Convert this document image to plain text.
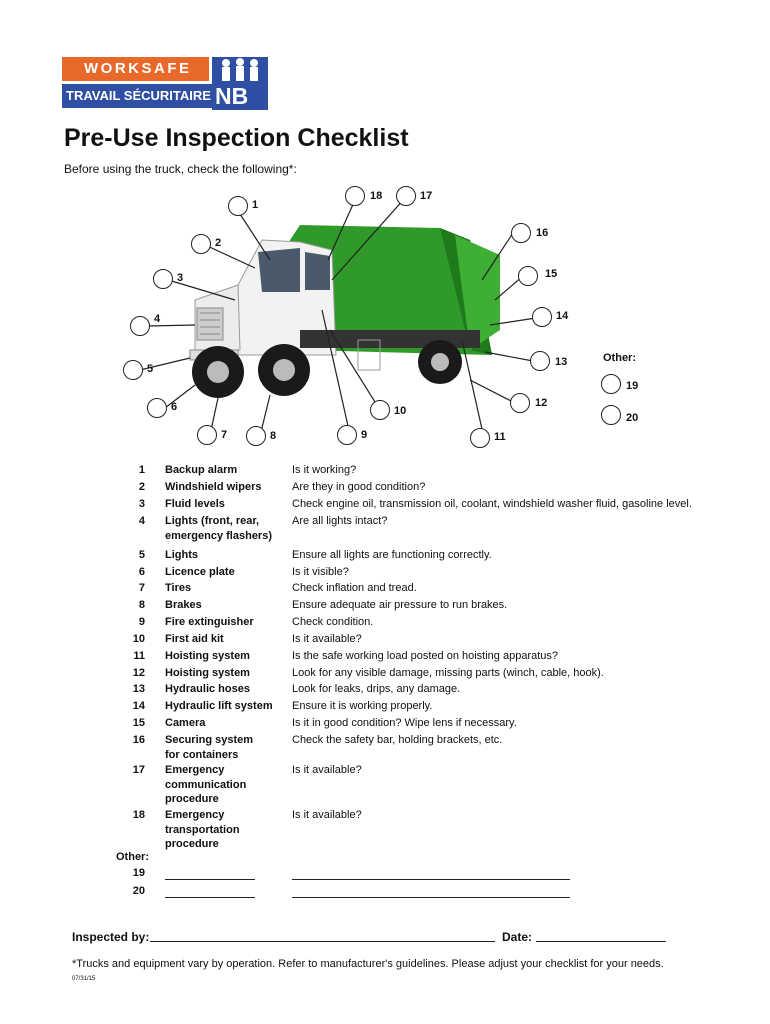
WORKSAFE
TRAVAIL SÉCURITAIRE NB
Pre-Use Inspection Checklist
Before using the truck, check the following*:
1
2
3
4
5
6
7	8	9
10
11
12
13
14
15
16
17
18
Other:
19
20
1 Backup alarm	Is it working?
2 Windshield wipers	Are they in good condition?
3 Fluid levels	Check engine oil, transmission oil, coolant, windshield washer fluid, gasoline level.
4 Lights (front, rear, emergency flashers)
Are all lights intact?
5 Lights	Ensure all lights are functioning correctly.
6 Licence plate	Is it visible?
7 Tires	Check inflation and tread.
8 Brakes	Ensure adequate air pressure to run brakes.
9 Fire extinguisher	Check condition.
10 First aid kit	Is it available?
11 Hoisting system	Is the safe working load posted on hoisting apparatus?
12 Hoisting system	Look for any visible damage, missing parts (winch, cable, hook).
13 Hydraulic hoses	Look for leaks, drips, any damage.
14 Hydraulic lift system	Ensure it is working properly.
15 Camera	Is it in good condition? Wipe lens if necessary.
16 Securing system for containers
Check the safety bar, holding brackets, etc.
17 Emergency communication procedure
Is it available?
18 Emergency transportation procedure
Is it available?
Other:
19
20
Inspected by:	Date:
*Trucks and equipment vary by operation. Refer to manufacturer's guidelines. Please adjust your checklist for your needs.
07/31/15
